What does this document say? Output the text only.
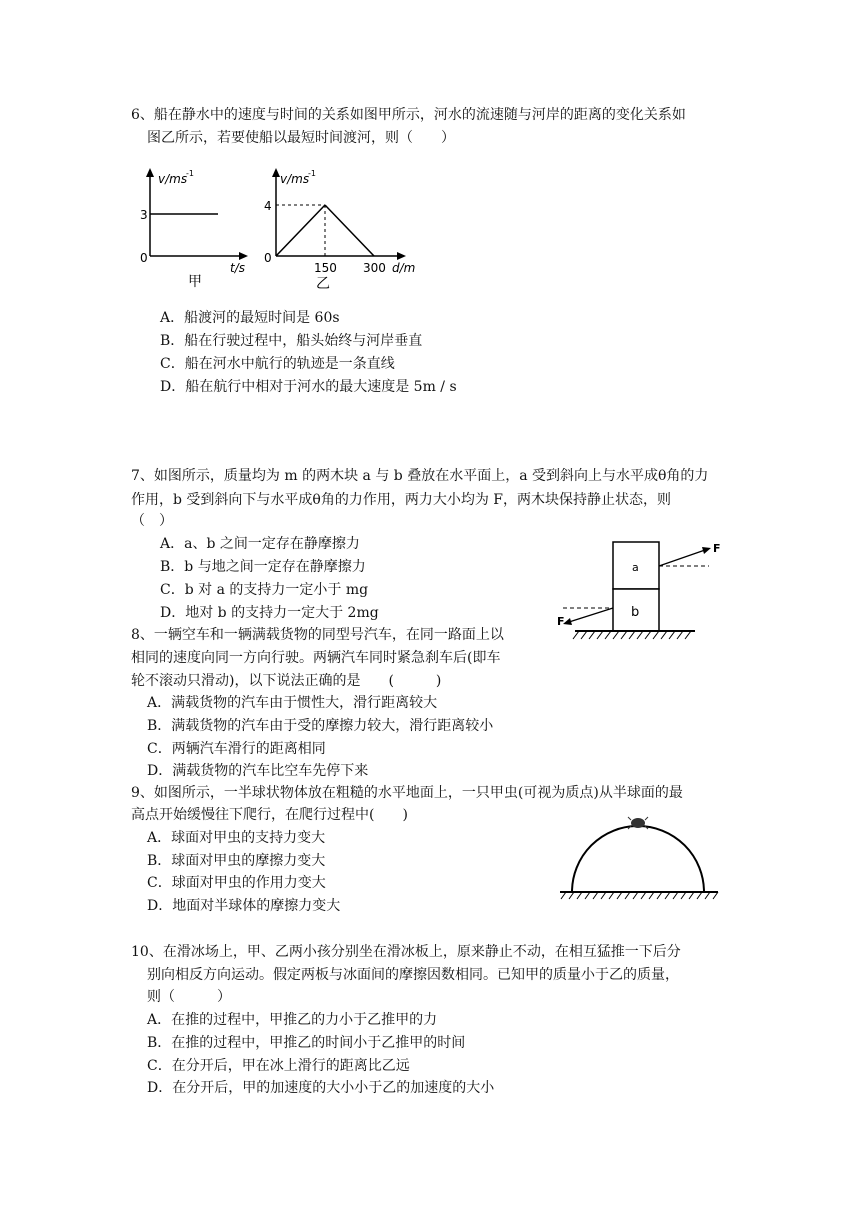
6、船在静水中的速度与时间的关系如图甲所示，河水的流速随与河岸的距离的变化关系如
图乙所示，若要使船以最短时间渡河，则（　　）
v/ms
-1
3
0
t/s
甲
v/ms
-1
4
0
150 300 d/m
乙
A．船渡河的最短时间是 60s
B．船在行驶过程中，船头始终与河岸垂直
C．船在河水中航行的轨迹是一条直线
D．船在航行中相对于河水的最大速度是 5m / s
7、如图所示，质量均为 m 的两木块 a 与 b 叠放在水平面上，a 受到斜向上与水平成θ角的力
作用，b 受到斜向下与水平成θ角的力作用，两力大小均为 F，两木块保持静止状态，则
（　）
A．a、b 之间一定存在静摩擦力
B．b 与地之间一定存在静摩擦力
C．b 对 a 的支持力一定小于 mg
D．地对 b 的支持力一定大于 2mg
a
b
F
F
8、一辆空车和一辆满载货物的同型号汽车，在同一路面上以
相同的速度向同一方向行驶。两辆汽车同时紧急刹车后(即车
轮不滚动只滑动)，以下说法正确的是　　(　　　)
A．满载货物的汽车由于惯性大，滑行距离较大
B．满载货物的汽车由于受的摩擦力较大，滑行距离较小
C．两辆汽车滑行的距离相同
D．满载货物的汽车比空车先停下来
9、如图所示，一半球状物体放在粗糙的水平地面上，一只甲虫(可视为质点)从半球面的最
高点开始缓慢往下爬行，在爬行过程中(　　)
A．球面对甲虫的支持力变大
B．球面对甲虫的摩擦力变大
C．球面对甲虫的作用力变大
D．地面对半球体的摩擦力变大
10、在滑冰场上，甲、乙两小孩分别坐在滑冰板上，原来静止不动，在相互猛推一下后分
别向相反方向运动。假定两板与冰面间的摩擦因数相同。已知甲的质量小于乙的质量，
则（　　　）
A．在推的过程中，甲推乙的力小于乙推甲的力
B．在推的过程中，甲推乙的时间小于乙推甲的时间
C．在分开后，甲在冰上滑行的距离比乙远
D．在分开后，甲的加速度的大小小于乙的加速度的大小
